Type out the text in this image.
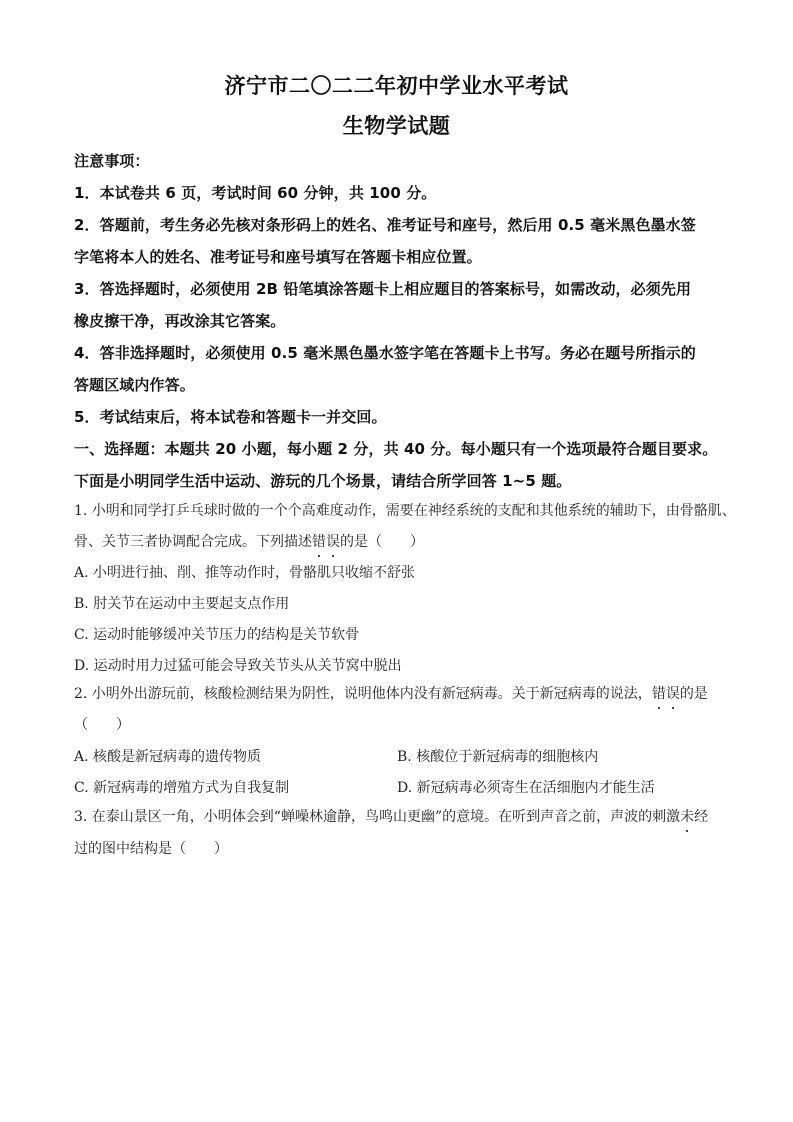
济宁市二〇二二年初中学业水平考试
生物学试题
注意事项：
1．本试卷共 6 页，考试时间 60 分钟，共 100 分。
2．答题前，考生务必先核对条形码上的姓名、准考证号和座号，然后用 0.5 毫米黑色墨水签
字笔将本人的姓名、准考证号和座号填写在答题卡相应位置。
3．答选择题时，必须使用 2B 铅笔填涂答题卡上相应题目的答案标号，如需改动，必须先用
橡皮擦干净，再改涂其它答案。
4．答非选择题时，必须使用 0.5 毫米黑色墨水签字笔在答题卡上书写。务必在题号所指示的
答题区域内作答。
5．考试结束后，将本试卷和答题卡一并交回。
一、选择题：本题共 20 小题，每小题 2 分，共 40 分。每小题只有一个选项最符合题目要求。
下面是小明同学生活中运动、游玩的几个场景，请结合所学回答 1~5 题。
1. 小明和同学打乒乓球时做的一个个高难度动作，需要在神经系统的支配和其他系统的辅助下，由骨骼肌、
骨、关节三者协调配合完成。下列描述错误的是（　　）
A. 小明进行抽、削、推等动作时，骨骼肌只收缩不舒张
B. 肘关节在运动中主要起支点作用
C. 运动时能够缓冲关节压力的结构是关节软骨
D. 运动时用力过猛可能会导致关节头从关节窝中脱出
2. 小明外出游玩前，核酸检测结果为阴性，说明他体内没有新冠病毒。关于新冠病毒的说法，错误的是
（　　）
A. 核酸是新冠病毒的遗传物质	B. 核酸位于新冠病毒的细胞核内
C. 新冠病毒的增殖方式为自我复制	D. 新冠病毒必须寄生在活细胞内才能生活
3. 在泰山景区一角，小明体会到“蝉噪林逾静，鸟鸣山更幽”的意境。在听到声音之前，声波的刺激未经
过的图中结构是（　　）
